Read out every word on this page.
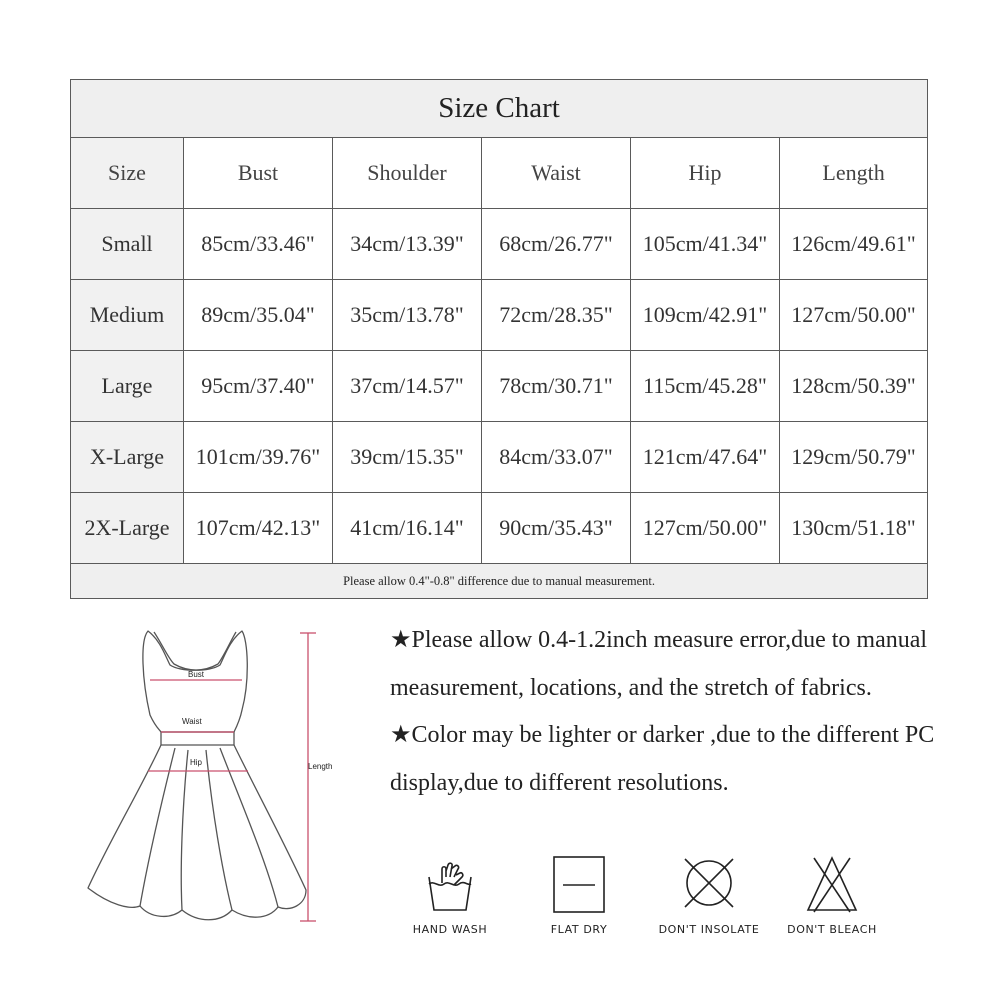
Size Chart					
Size	Bust	Shoulder	Waist	Hip	Length
Small	85cm/33.46"	34cm/13.39"	68cm/26.77"	105cm/41.34"	126cm/49.61"
Medium	89cm/35.04"	35cm/13.78"	72cm/28.35"	109cm/42.91"	127cm/50.00"
Large	95cm/37.40"	37cm/14.57"	78cm/30.71"	115cm/45.28"	128cm/50.39"
X-Large	101cm/39.76"	39cm/15.35"	84cm/33.07"	121cm/47.64"	129cm/50.79"
2X-Large	107cm/42.13"	41cm/16.14"	90cm/35.43"	127cm/50.00"	130cm/51.18"
Please allow 0.4"-0.8" difference due to manual measurement.					
Bust
Waist
Hip	Length

★Please allow 0.4-1.2inch measure error,due to manual measurement, locations, and the stretch of fabrics.

★Color may be lighter or darker ,due to the different PC display,due to different resolutions.

HAND WASH	FLAT DRY	DON'T INSOLATE	DON'T BLEACH
